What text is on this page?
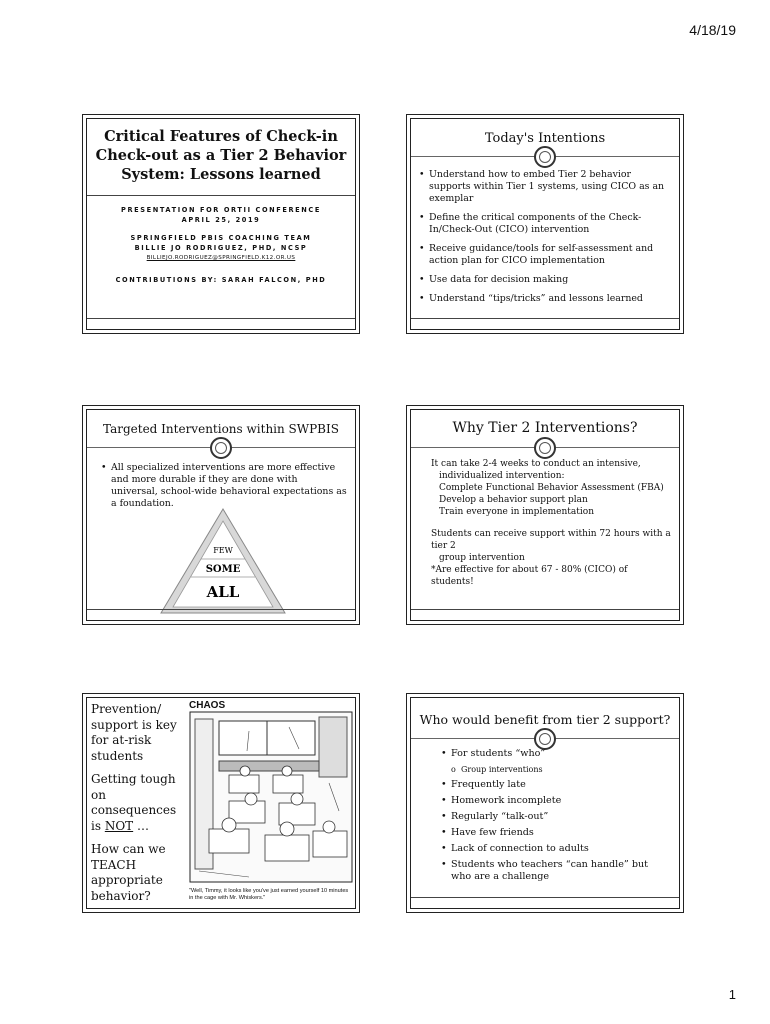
4/18/19
Critical Features of Check-in
Check-out as a Tier 2 Behavior
System: Lessons learned
PRESENTATION FOR ORTII CONFERENCE
APRIL 25, 2019
SPRINGFIELD PBIS COACHING TEAM
BILLIE JO RODRIGUEZ, PHD, NCSP
BILLIEJO.RODRIGUEZ@SPRINGFIELD.K12.OR.US
CONTRIBUTIONS BY: SARAH FALCON, PHD
Today's Intentions
• Understand how to embed Tier 2 behavior supports within Tier 1 systems, using CICO as an exemplar
• Define the critical components of the Check-In/Check-Out (CICO) intervention
• Receive guidance/tools for self-assessment and action plan for CICO implementation
• Use data for decision making
• Understand “tips/tricks” and lessons learned
Targeted Interventions within SWPBIS
• All specialized interventions are more effective and more durable if they are done with universal, school-wide behavioral expectations as a foundation.
FEW
SOME
ALL
Why Tier 2 Interventions?
It can take 2-4 weeks to conduct an intensive,
individualized intervention:
Complete Functional Behavior Assessment (FBA)
Develop a behavior support plan
Train everyone in implementation
Students can receive support within 72 hours with a tier 2
group intervention
*Are effective for about 67 - 80% (CICO) of students!
Prevention/ support is key for at-risk students
Getting tough on consequences is NOT …
How can we TEACH appropriate behavior?
CHAOS
"Well, Timmy, it looks like you've just earned yourself 10 minutes in the cage with Mr. Whiskers."
Who would benefit from tier 2 support?
• For students “who”
o Group interventions
• Frequently late
• Homework incomplete
• Regularly “talk-out”
• Have few friends
• Lack of connection to adults
• Students who teachers “can handle” but who are a challenge
1
